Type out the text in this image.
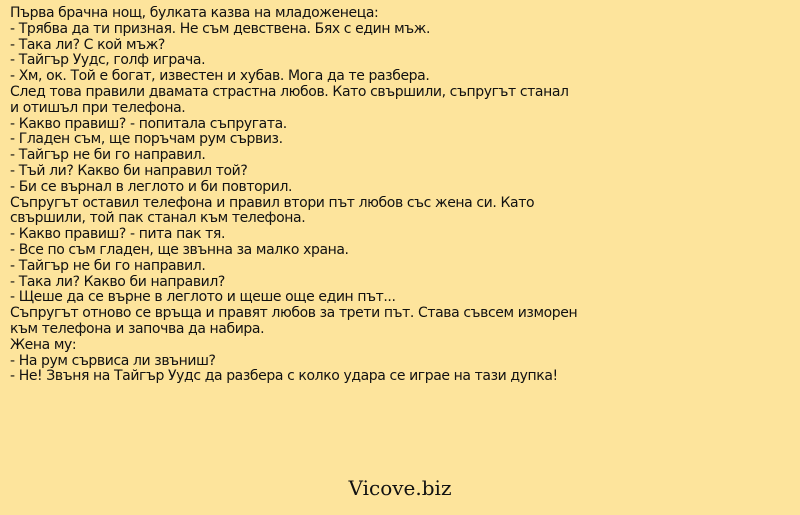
Първа брачна нощ, булката казва на младоженеца:
- Трябва да ти призная. Не съм девствена. Бях с един мъж.
- Така ли? С кой мъж?
- Тайгър Уудс, голф играча.
- Хм, ок. Той е богат, известен и хубав. Мога да те разбера.
След това правили двамата страстна любов. Като свършили, съпругът станал
и отишъл при телефона.
- Какво правиш? - попитала съпругата.
- Гладен съм, ще поръчам рум сървиз.
- Тайгър не би го направил.
- Тъй ли? Какво би направил той?
- Би се върнал в леглото и би повторил.
Съпругът оставил телефона и правил втори път любов със жена си. Като
свършили, той пак станал към телефона.
- Какво правиш? - пита пак тя.
- Все по съм гладен, ще звънна за малко храна.
- Тайгър не би го направил.
- Така ли? Какво би направил?
- Щеше да се върне в леглото и щеше още един път...
Съпругът отново се връща и правят любов за трети път. Става съвсем изморен
към телефона и започва да набира.
Жена му:
- На рум сървиса ли звъниш?
- Не! Звъня на Тайгър Уудс да разбера с колко удара се играе на тази дупка!
Vicove.biz
